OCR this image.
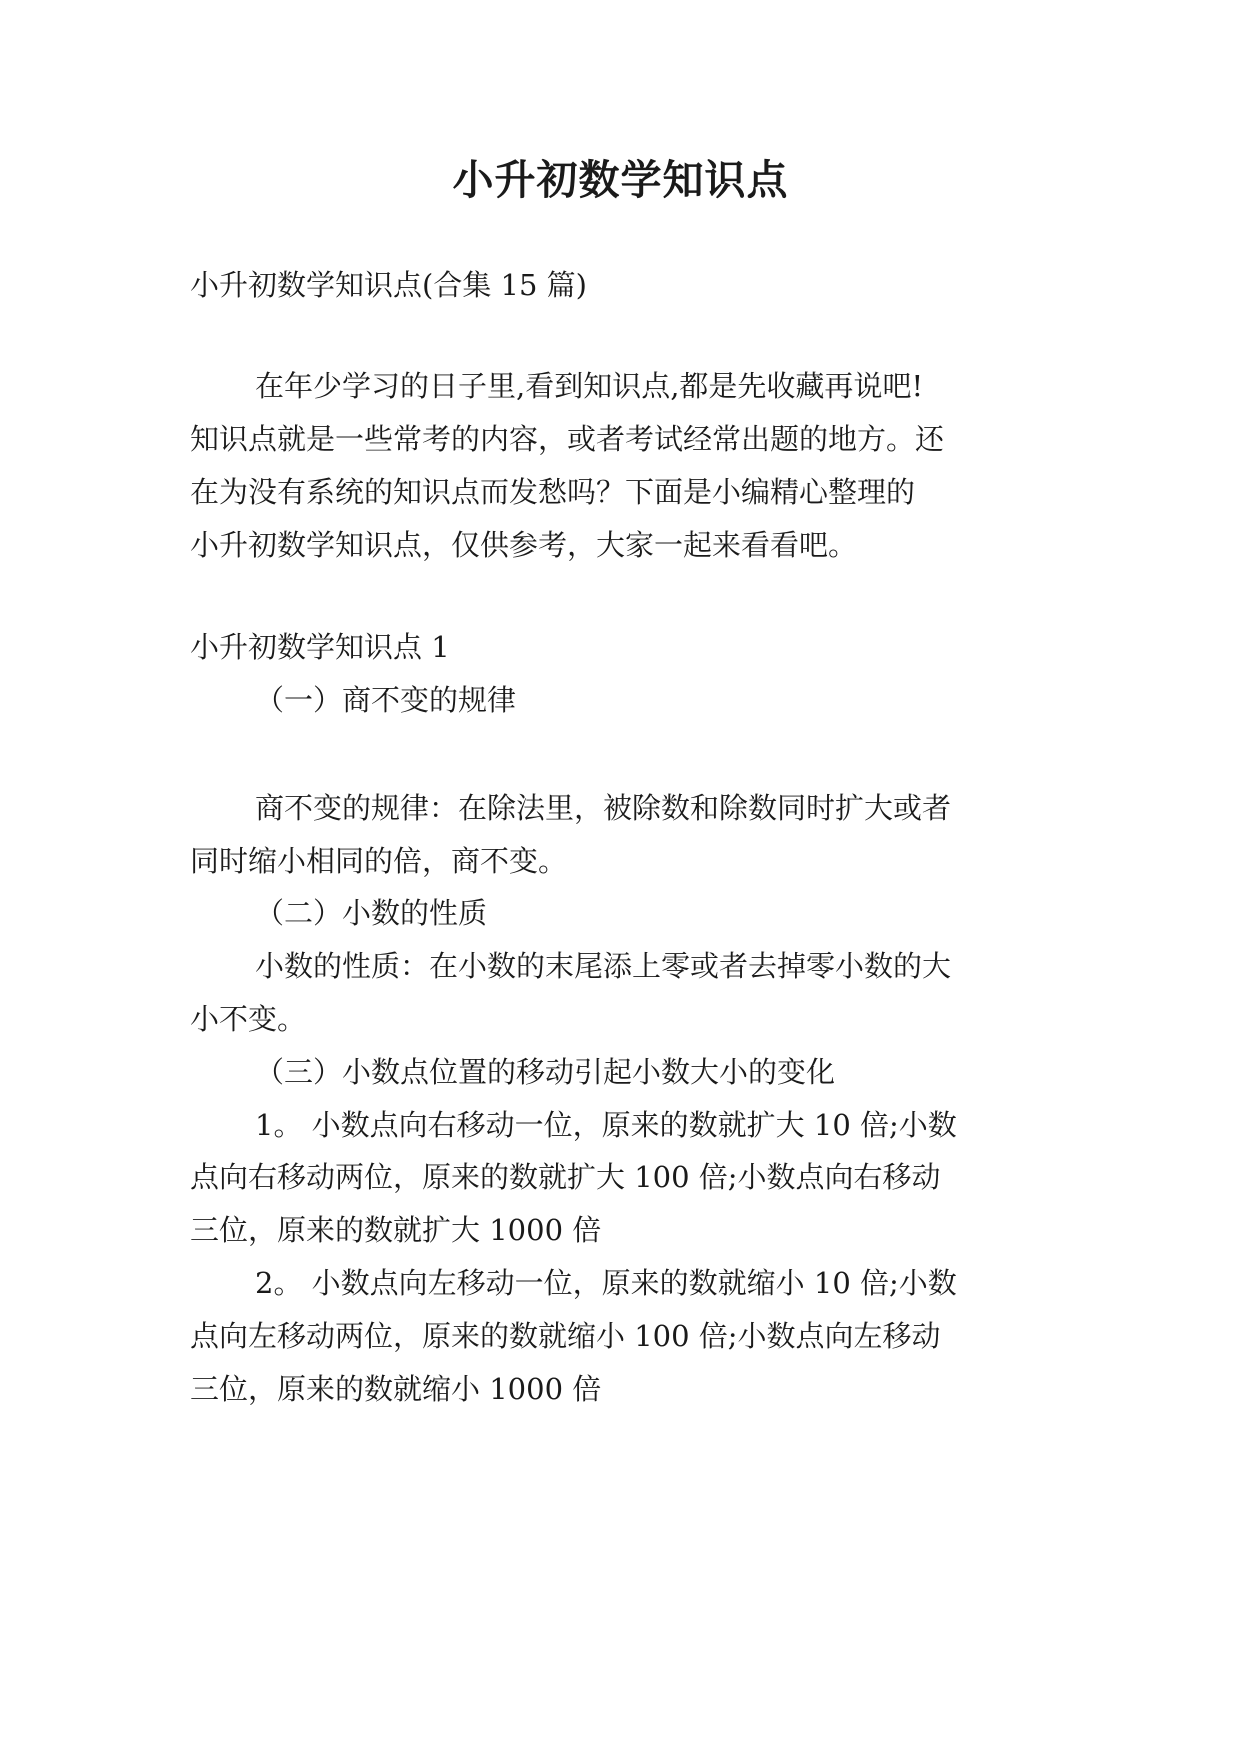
小升初数学知识点

小升初数学知识点(合集 15 篇)

在年少学习的日子里,看到知识点,都是先收藏再说吧!

知识点就是一些常考的内容，或者考试经常出题的地方。还

在为没有系统的知识点而发愁吗？下面是小编精心整理的

小升初数学知识点，仅供参考，大家一起来看看吧。

小升初数学知识点 1

（一）商不变的规律

商不变的规律：在除法里，被除数和除数同时扩大或者

同时缩小相同的倍，商不变。

（二）小数的性质

小数的性质：在小数的末尾添上零或者去掉零小数的大

小不变。

（三）小数点位置的移动引起小数大小的变化

1。 小数点向右移动一位，原来的数就扩大 10 倍;小数

点向右移动两位，原来的数就扩大 100 倍;小数点向右移动

三位，原来的数就扩大 1000 倍

2。 小数点向左移动一位，原来的数就缩小 10 倍;小数

点向左移动两位，原来的数就缩小 100 倍;小数点向左移动

三位，原来的数就缩小 1000 倍
